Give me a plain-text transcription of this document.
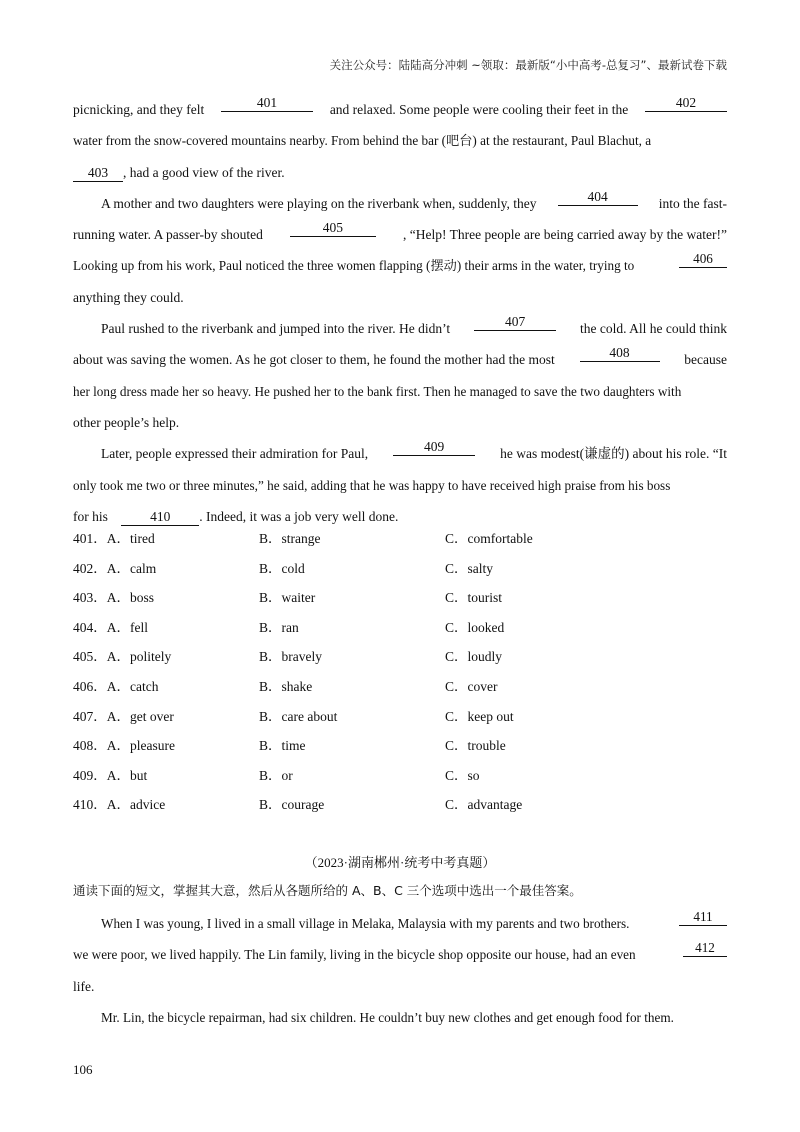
关注公众号：陆陆高分冲刺 ~领取：最新版“小中高考-总复习”、最新试卷下载
picnicking, and they felt	401	and relaxed. Some people were cooling their feet in the	402
water from the snow-covered mountains nearby. From behind the bar (吧台) at the restaurant, Paul Blachut, a
403 , had a good view of the river.
A mother and two daughters were playing on the riverbank when, suddenly, they	404	into the fast-
running water. A passer-by shouted	405	, “Help! Three people are being carried away by the water!”
Looking up from his work, Paul noticed the three women flapping (摆动) their arms in the water, trying to	406
anything they could.
Paul rushed to the riverbank and jumped into the river. He didn’t	407	the cold. All he could think
about was saving the women. As he got closer to them, he found the mother had the most	408	because
her long dress made her so heavy. He pushed her to the bank first. Then he managed to save the two daughters with
other people’s help.
Later, people expressed their admiration for Paul,	409	he was modest(谦虚的) about his role. “It
only took me two or three minutes,” he said, adding that he was happy to have received high praise from his boss
for his	410 . Indeed, it was a job very well done.
401．A．tired	B．strange	C．comfortable
402．A．calm	B．cold	C．salty
403．A．boss	B．waiter	C．tourist
404．A．fell	B．ran	C．looked
405．A．politely	B．bravely	C．loudly
406．A．catch	B．shake	C．cover
407．A．get over	B．care about	C．keep out
408．A．pleasure	B．time	C．trouble
409．A．but	B．or	C．so
410．A．advice	B．courage	C．advantage
（2023·湖南郴州·统考中考真题）
通读下面的短文，掌握其大意，然后从各题所给的 A、B、C 三个选项中选出一个最佳答案。
When I was young, I lived in a small village in Melaka, Malaysia with my parents and two brothers.	411
we were poor, we lived happily. The Lin family, living in the bicycle shop opposite our house, had an even	412
life.
Mr. Lin, the bicycle repairman, had six children. He couldn’t buy new clothes and get enough food for them.
106
